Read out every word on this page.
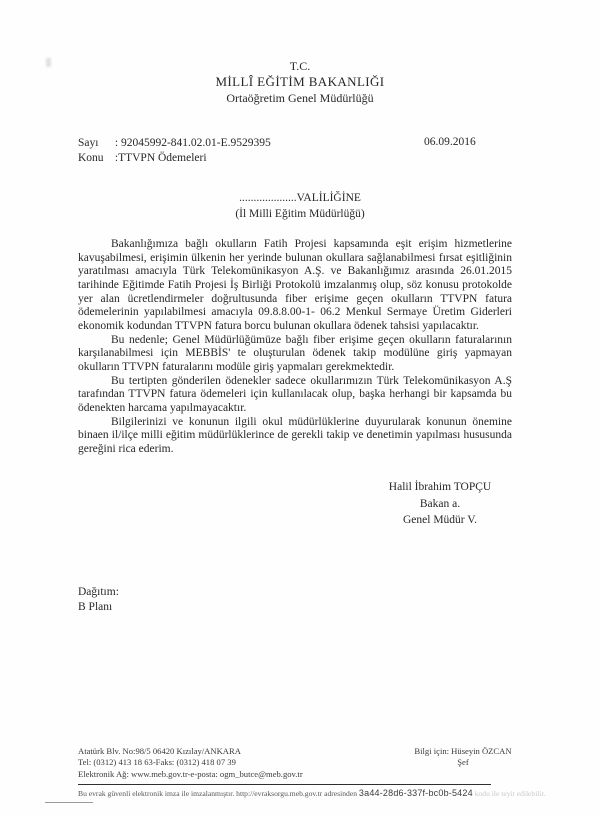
T.C.
MİLLÎ EĞİTİM BAKANLIĞI
Ortaöğretim Genel Müdürlüğü
Sayı : 92045992-841.02.01-E.9529395
Konu :TTVPN Ödemeleri
06.09.2016
....................VALİLİĞİNE
(İl Milli Eğitim Müdürlüğü)

Bakanlığımıza bağlı okulların Fatih Projesi kapsamında eşit erişim hizmetlerine kavuşabilmesi, erişimin ülkenin her yerinde bulunan okullara sağlanabilmesi fırsat eşitliğinin yaratılması amacıyla Türk Telekomünikasyon A.Ş. ve Bakanlığımız arasında 26.01.2015 tarihinde Eğitimde Fatih Projesi İş Birliği Protokolü imzalanmış olup, söz konusu protokolde yer alan ücretlendirmeler doğrultusunda fiber erişime geçen okulların TTVPN fatura ödemelerinin yapılabilmesi amacıyla 09.8.8.00-1- 06.2 Menkul Sermaye Üretim Giderleri ekonomik kodundan TTVPN fatura borcu bulunan okullara ödenek tahsisi yapılacaktır.

Bu nedenle; Genel Müdürlüğümüze bağlı fiber erişime geçen okulların faturalarının karşılanabilmesi için MEBBİS' te oluşturulan ödenek takip modülüne giriş yapmayan okulların TTVPN faturalarını modüle giriş yapmaları gerekmektedir.

Bu tertipten gönderilen ödenekler sadece okullarımızın Türk Telekomünikasyon A.Ş tarafından TTVPN fatura ödemeleri için kullanılacak olup, başka herhangi bir kapsamda bu ödenekten harcama yapılmayacaktır.

Bilgilerinizi ve konunun ilgili okul müdürlüklerine duyurularak konunun önemine binaen il/ilçe milli eğitim müdürlüklerince de gerekli takip ve denetimin yapılması hususunda gereğini rica ederim.

Halil İbrahim TOPÇU
Bakan a.
Genel Müdür V.
Dağıtım:
B Planı
Atatürk Blv. No:98/5 06420 Kızılay/ANKARA
Tel: (0312) 413 18 63-Faks: (0312) 418 07 39
Elektronik Ağ: www.meb.gov.tr-e-posta: ogm_butce@meb.gov.tr
Bilgi için: Hüseyin ÖZCAN
Şef
Bu evrak güvenli elektronik imza ile imzalanmıştır. http://evraksorgu.meb.gov.tr adresinden 3a44-28d6-337f-bc0b-5424 kodu ile teyit edilebilir.
